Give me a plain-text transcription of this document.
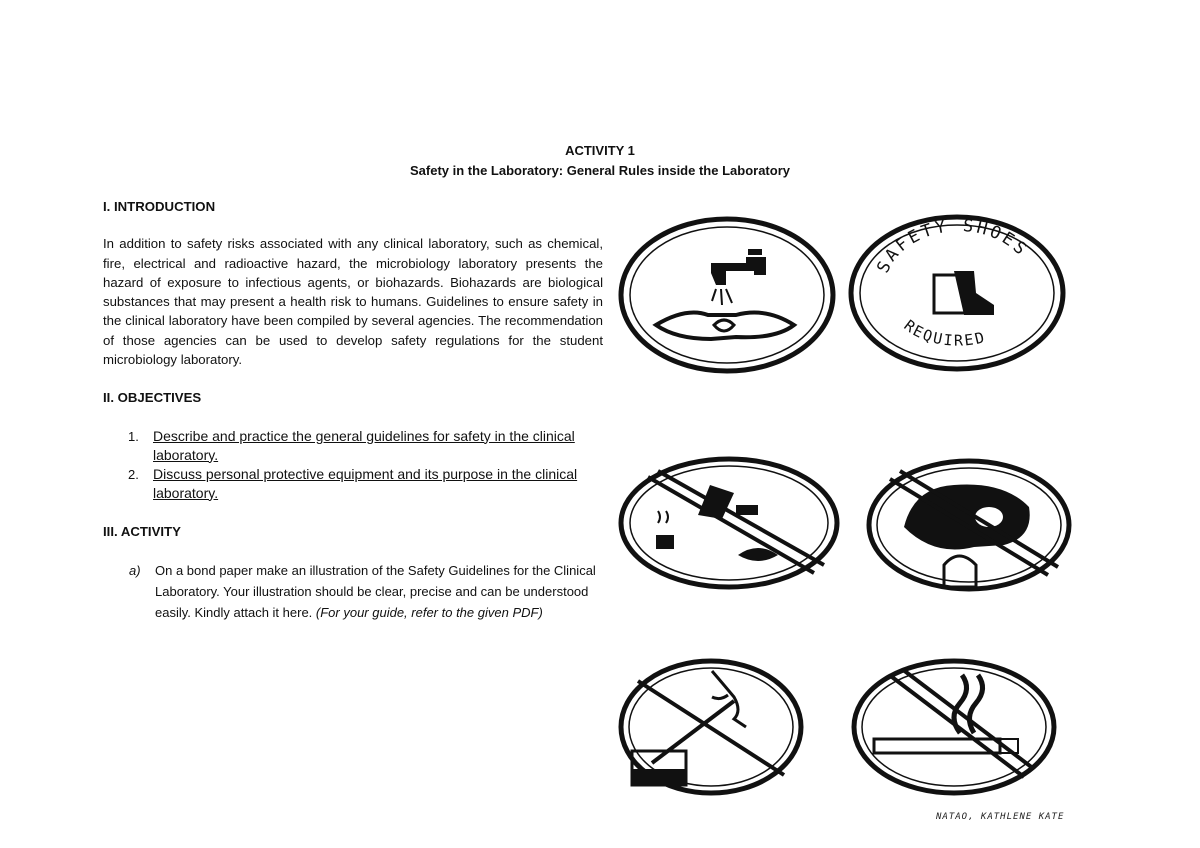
ACTIVITY 1
Safety in the Laboratory: General Rules inside the Laboratory

I. INTRODUCTION

In addition to safety risks associated with any clinical laboratory, such as chemical, fire, electrical and radioactive hazard, the microbiology laboratory presents the hazard of exposure to infectious agents, or biohazards. Biohazards are biological substances that may present a health risk to humans. Guidelines to ensure safety in the clinical laboratory have been compiled by several agencies. The recommendation of those agencies can be used to develop safety regulations for the student microbiology laboratory.

II. OBJECTIVES

1. Describe and practice the general guidelines for safety in the clinical laboratory.
2. Discuss personal protective equipment and its purpose in the clinical laboratory.

III. ACTIVITY

a) On a bond paper make an illustration of the Safety Guidelines for the Clinical Laboratory. Your illustration should be clear, precise and can be understood easily. Kindly attach it here. (For your guide, refer to the given PDF)
SAFETY SHOES
REQUIRED
NATAO, KATHLENE KATE
